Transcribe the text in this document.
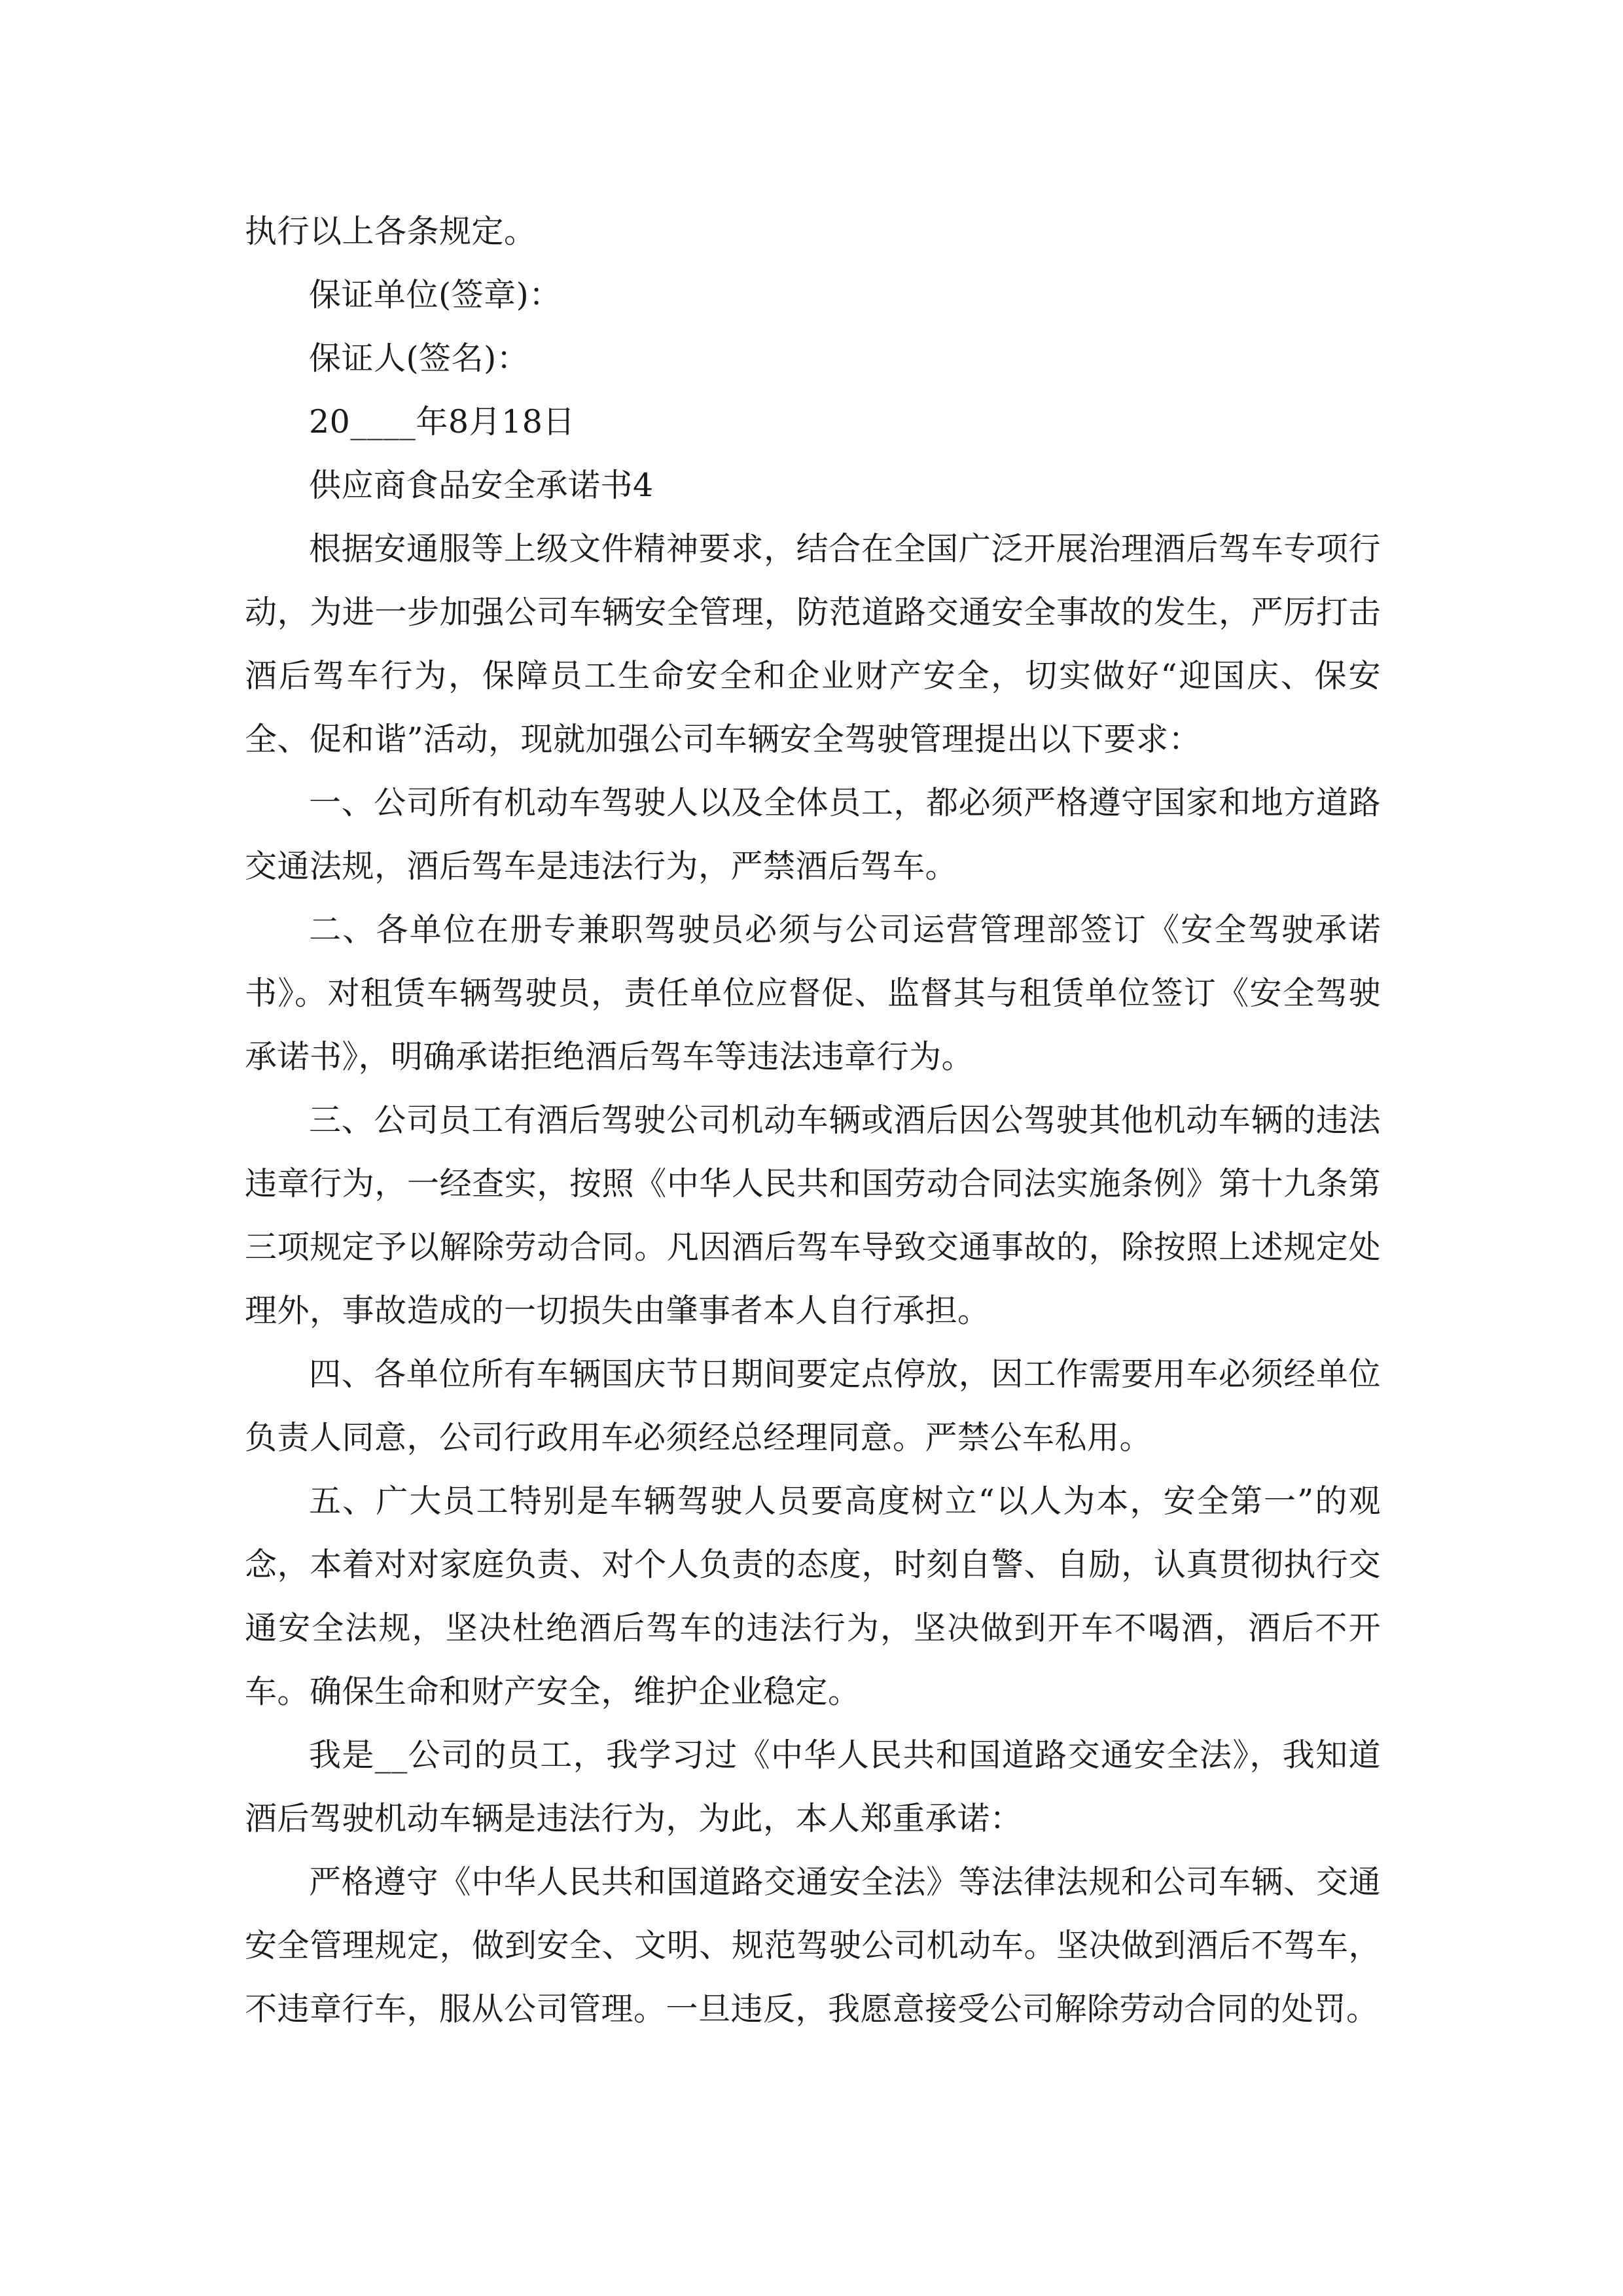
执行以上各条规定。

保证单位(签章)：

保证人(签名)：

20____年8月18日

供应商食品安全承诺书4

根据安通服等上级文件精神要求，结合在全国广泛开展治理酒后驾车专项行动，为进一步加强公司车辆安全管理，防范道路交通安全事故的发生，严厉打击酒后驾车行为，保障员工生命安全和企业财产安全，切实做好“迎国庆、保安全、促和谐”活动，现就加强公司车辆安全驾驶管理提出以下要求：

一、公司所有机动车驾驶人以及全体员工，都必须严格遵守国家和地方道路交通法规，酒后驾车是违法行为，严禁酒后驾车。

二、各单位在册专兼职驾驶员必须与公司运营管理部签订《安全驾驶承诺书》。对租赁车辆驾驶员，责任单位应督促、监督其与租赁单位签订《安全驾驶承诺书》，明确承诺拒绝酒后驾车等违法违章行为。

三、公司员工有酒后驾驶公司机动车辆或酒后因公驾驶其他机动车辆的违法违章行为，一经查实，按照《中华人民共和国劳动合同法实施条例》第十九条第三项规定予以解除劳动合同。凡因酒后驾车导致交通事故的，除按照上述规定处理外，事故造成的一切损失由肇事者本人自行承担。

四、各单位所有车辆国庆节日期间要定点停放，因工作需要用车必须经单位负责人同意，公司行政用车必须经总经理同意。严禁公车私用。

五、广大员工特别是车辆驾驶人员要高度树立“以人为本，安全第一”的观念，本着对对家庭负责、对个人负责的态度，时刻自警、自励，认真贯彻执行交通安全法规，坚决杜绝酒后驾车的违法行为，坚决做到开车不喝酒，酒后不开车。确保生命和财产安全，维护企业稳定。

我是__公司的员工，我学习过《中华人民共和国道路交通安全法》，我知道酒后驾驶机动车辆是违法行为，为此，本人郑重承诺：

严格遵守《中华人民共和国道路交通安全法》等法律法规和公司车辆、交通安全管理规定，做到安全、文明、规范驾驶公司机动车。坚决做到酒后不驾车，不违章行车，服从公司管理。一旦违反，我愿意接受公司解除劳动合同的处罚。
